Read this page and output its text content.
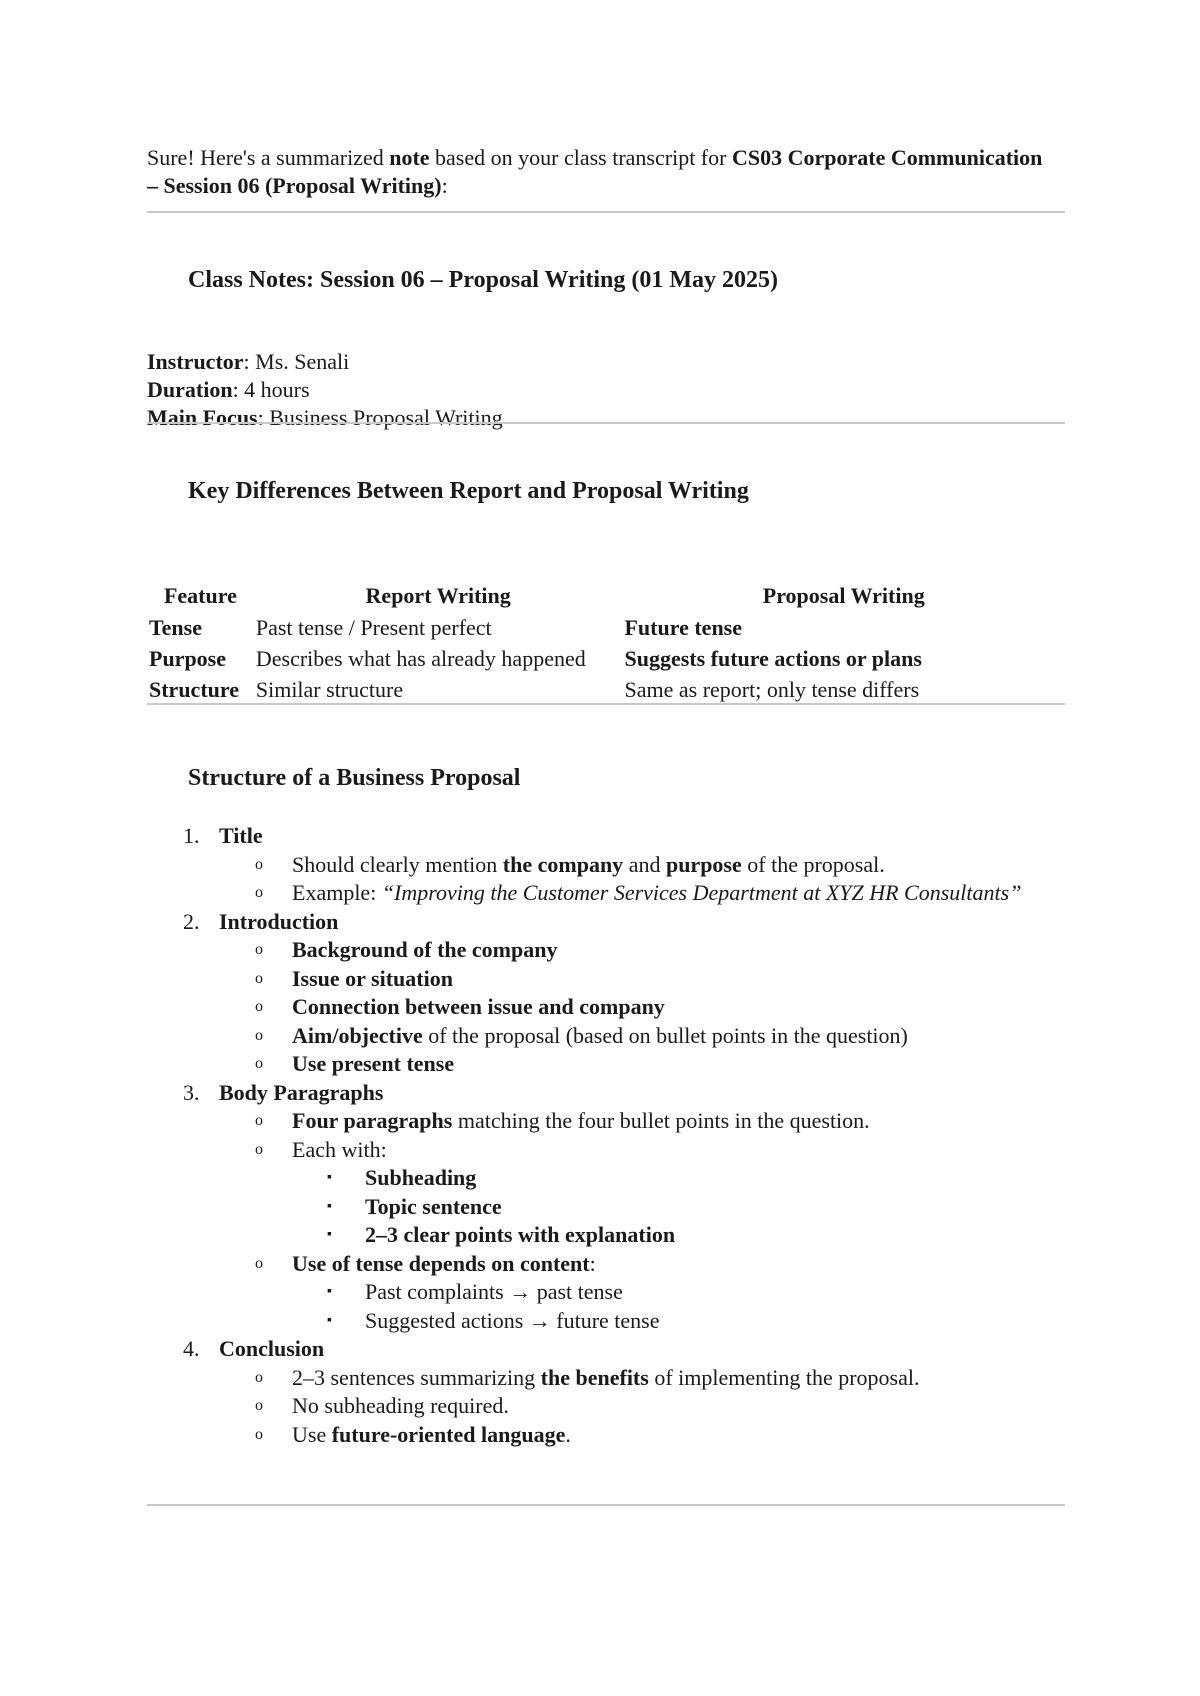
Sure! Here's a summarized note based on your class transcript for CS03 Corporate Communication – Session 06 (Proposal Writing):

Class Notes: Session 06 – Proposal Writing (01 May 2025)
Instructor: Ms. Senali
Duration: 4 hours
Main Focus: Business Proposal Writing
Key Differences Between Report and Proposal Writing
Feature	Report Writing	Proposal Writing
Tense	Past tense / Present perfect	Future tense
Purpose	Describes what has already happened	Suggests future actions or plans
Structure	Similar structure	Same as report; only tense differs
Structure of a Business Proposal
1. Title
o Should clearly mention the company and purpose of the proposal.
o Example: “Improving the Customer Services Department at XYZ HR Consultants”
2. Introduction
o Background of the company
o Issue or situation
o Connection between issue and company
o Aim/objective of the proposal (based on bullet points in the question)
o Use present tense
3. Body Paragraphs
o Four paragraphs matching the four bullet points in the question.
o Each with:
▪ Subheading
▪ Topic sentence
▪ 2–3 clear points with explanation
o Use of tense depends on content:
▪ Past complaints → past tense
▪ Suggested actions → future tense
4. Conclusion
o 2–3 sentences summarizing the benefits of implementing the proposal.
o No subheading required.
o Use future-oriented language.
